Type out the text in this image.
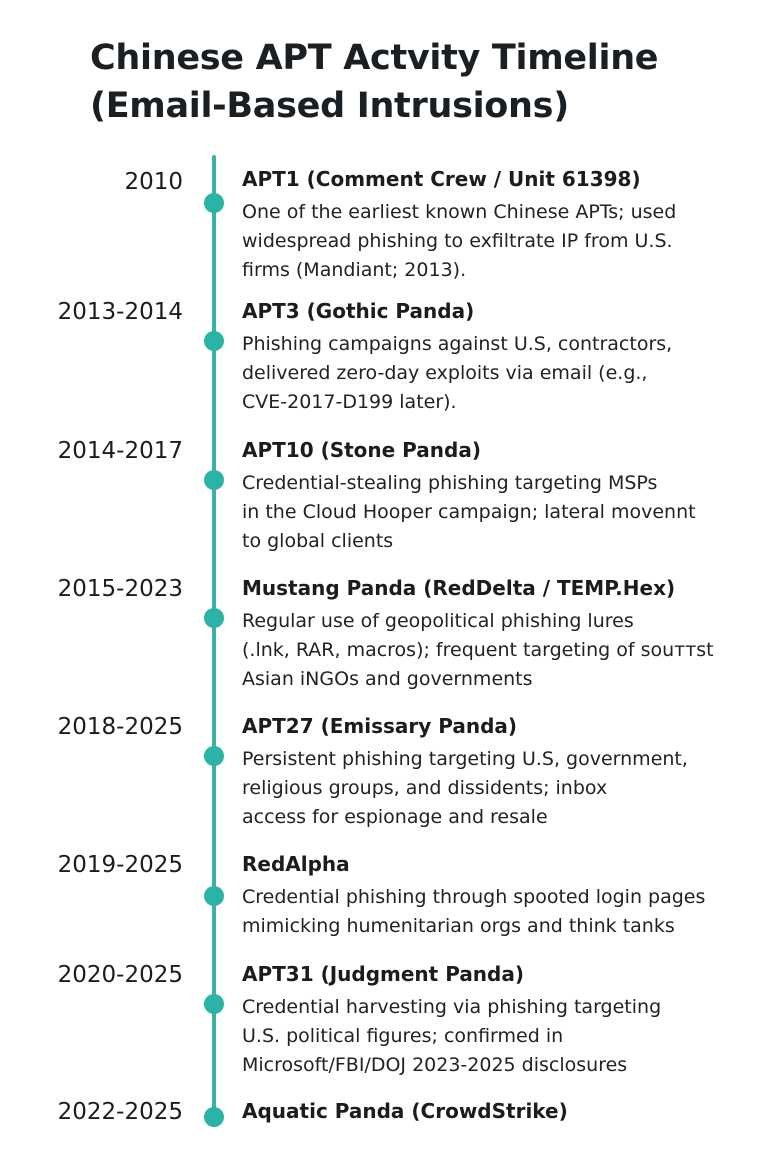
Chinese APT Actvity Timeline
(Email-Based Intrusions)
2010	APT1 (Comment Crew / Unit 61398)
One of the earliest known Chinese APTs; used
widespread phishing to exfiltrate IP from U.S.
firms (Mandiant; 2013).
2013-2014	APT3 (Gothic Panda)
Phishing campaigns against U.S, contractors,
delivered zero-day exploits via email (e.g.,
CVE-2017-D199 later).
2014-2017	APT10 (Stone Panda)
Credential-stealing phishing targeting MSPs
in the Cloud Hooper campaign; lateral movennt
to global clients
2015-2023	Mustang Panda (RedDelta / TEMP.Hex)
Regular use of geopolitical phishing lures
(.lnk, RAR, macros); frequent targeting of souттst
Asian iNGOs and governments
2018-2025	APT27 (Emissary Panda)
Persistent phishing targeting U.S, government,
religious groups, and dissidents; inbox
access for espionage and resale
2019-2025	RedAlpha
Credential phishing through spooted login pages
mimicking humenitarian orgs and think tanks
2020-2025	APT31 (Judgment Panda)
Credential harvesting via phishing targeting
U.S. political figures; confirmed in
Microsoft/FBI/DOJ 2023-2025 disclosures
2022-2025	Aquatic Panda (CrowdStrike)
